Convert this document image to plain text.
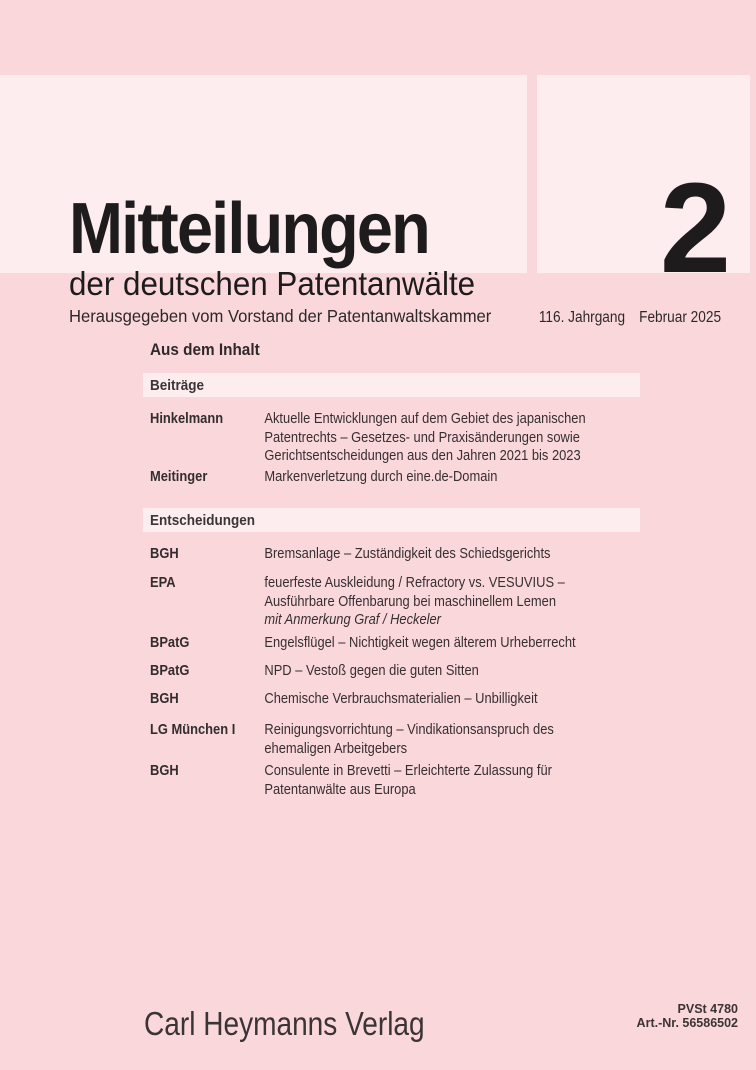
Mitteilungen
der deutschen Patentanwälte
Herausgegeben vom Vorstand der Patentanwaltskammer
2
116. Jahrgang Februar 2025
Aus dem Inhalt
Carl Heymanns Verlag	PVSt 4780
Art.-Nr. 56586502
Beiträge
Hinkelmann	Aktuelle Entwicklungen auf dem Gebiet des japanischen
Patentrechts – Gesetzes- und Praxisänderungen sowie
Gerichtsentscheidungen aus den Jahren 2021 bis 2023
Meitinger	Markenverletzung durch eine.de-Domain
Entscheidungen
BGH	Bremsanlage – Zuständigkeit des Schiedsgerichts
EPA	feuerfeste Auskleidung / Refractory vs. VESUVIUS –
Ausführbare Offenbarung bei maschinellem Lemen
mit Anmerkung Graf / Heckeler
BPatG	Engelsflügel – Nichtigkeit wegen älterem Urheberrecht
BPatG	NPD – Vestoß gegen die guten Sitten
BGH	Chemische Verbrauchsmaterialien – Unbilligkeit
LG München I	Reinigungsvorrichtung – Vindikationsanspruch des
ehemaligen Arbeitgebers
BGH	Consulente in Brevetti – Erleichterte Zulassung für
Patentanwälte aus Europa
